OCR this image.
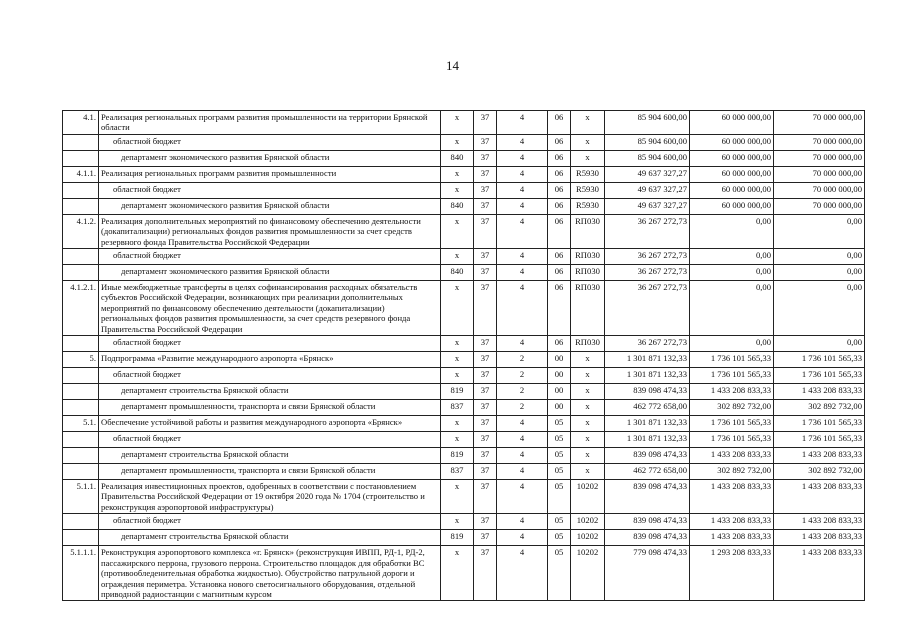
14
4.1.	Реализация региональных программ развития промышленности на территории Брянской области	x	37	4	06	x	85 904 600,00	60 000 000,00	70 000 000,00
	областной бюджет	x	37	4	06	x	85 904 600,00	60 000 000,00	70 000 000,00
	департамент экономического развития Брянской области	840	37	4	06	x	85 904 600,00	60 000 000,00	70 000 000,00
4.1.1.	Реализация региональных программ развития промышленности	x	37	4	06	R5930	49 637 327,27	60 000 000,00	70 000 000,00
	областной бюджет	x	37	4	06	R5930	49 637 327,27	60 000 000,00	70 000 000,00
	департамент экономического развития Брянской области	840	37	4	06	R5930	49 637 327,27	60 000 000,00	70 000 000,00
4.1.2.	Реализация дополнительных мероприятий по финансовому обеспечению деятельности (докапитализации) региональных фондов развития промышленности за счет средств резервного фонда Правительства Российской Федерации	x	37	4	06	RП030	36 267 272,73	0,00	0,00
	областной бюджет	x	37	4	06	RП030	36 267 272,73	0,00	0,00
	департамент экономического развития Брянской области	840	37	4	06	RП030	36 267 272,73	0,00	0,00
4.1.2.1.	Иные межбюджетные трансферты в целях софинансирования расходных обязательств субъектов Российской Федерации, возникающих при реализации дополнительных мероприятий по финансовому обеспечению деятельности (докапитализации) региональных фондов развития промышленности, за счет средств резервного фонда Правительства Российской Федерации	x	37	4	06	RП030	36 267 272,73	0,00	0,00
	областной бюджет	x	37	4	06	RП030	36 267 272,73	0,00	0,00
5.	Подпрограмма «Развитие международного аэропорта «Брянск»	x	37	2	00	x	1 301 871 132,33	1 736 101 565,33	1 736 101 565,33
	областной бюджет	x	37	2	00	x	1 301 871 132,33	1 736 101 565,33	1 736 101 565,33
	департамент строительства Брянской области	819	37	2	00	x	839 098 474,33	1 433 208 833,33	1 433 208 833,33
	департамент промышленности, транспорта и связи Брянской области	837	37	2	00	x	462 772 658,00	302 892 732,00	302 892 732,00
5.1.	Обеспечение устойчивой работы и развития международного аэропорта «Брянск»	x	37	4	05	x	1 301 871 132,33	1 736 101 565,33	1 736 101 565,33
	областной бюджет	x	37	4	05	x	1 301 871 132,33	1 736 101 565,33	1 736 101 565,33
	департамент строительства Брянской области	819	37	4	05	x	839 098 474,33	1 433 208 833,33	1 433 208 833,33
	департамент промышленности, транспорта и связи Брянской области	837	37	4	05	x	462 772 658,00	302 892 732,00	302 892 732,00
5.1.1.	Реализация инвестиционных проектов, одобренных в соответствии с постановлением Правительства Российской Федерации от 19 октября 2020 года № 1704 (строительство и реконструкция аэропортовой инфраструктуры)	x	37	4	05	10202	839 098 474,33	1 433 208 833,33	1 433 208 833,33
	областной бюджет	x	37	4	05	10202	839 098 474,33	1 433 208 833,33	1 433 208 833,33
	департамент строительства Брянской области	819	37	4	05	10202	839 098 474,33	1 433 208 833,33	1 433 208 833,33
5.1.1.1.	Реконструкция аэропортового комплекса «г. Брянск» (реконструкция ИВПП, РД-1, РД-2, пассажирского перрона, грузового перрона. Строительство площадок для обработки ВС (противообледенительная обработка жидкостью). Обустройство патрульной дороги и ограждения периметра. Установка нового светосигнального оборудования, отдельной приводной радиостанции с магнитным курсом	x	37	4	05	10202	779 098 474,33	1 293 208 833,33	1 433 208 833,33
